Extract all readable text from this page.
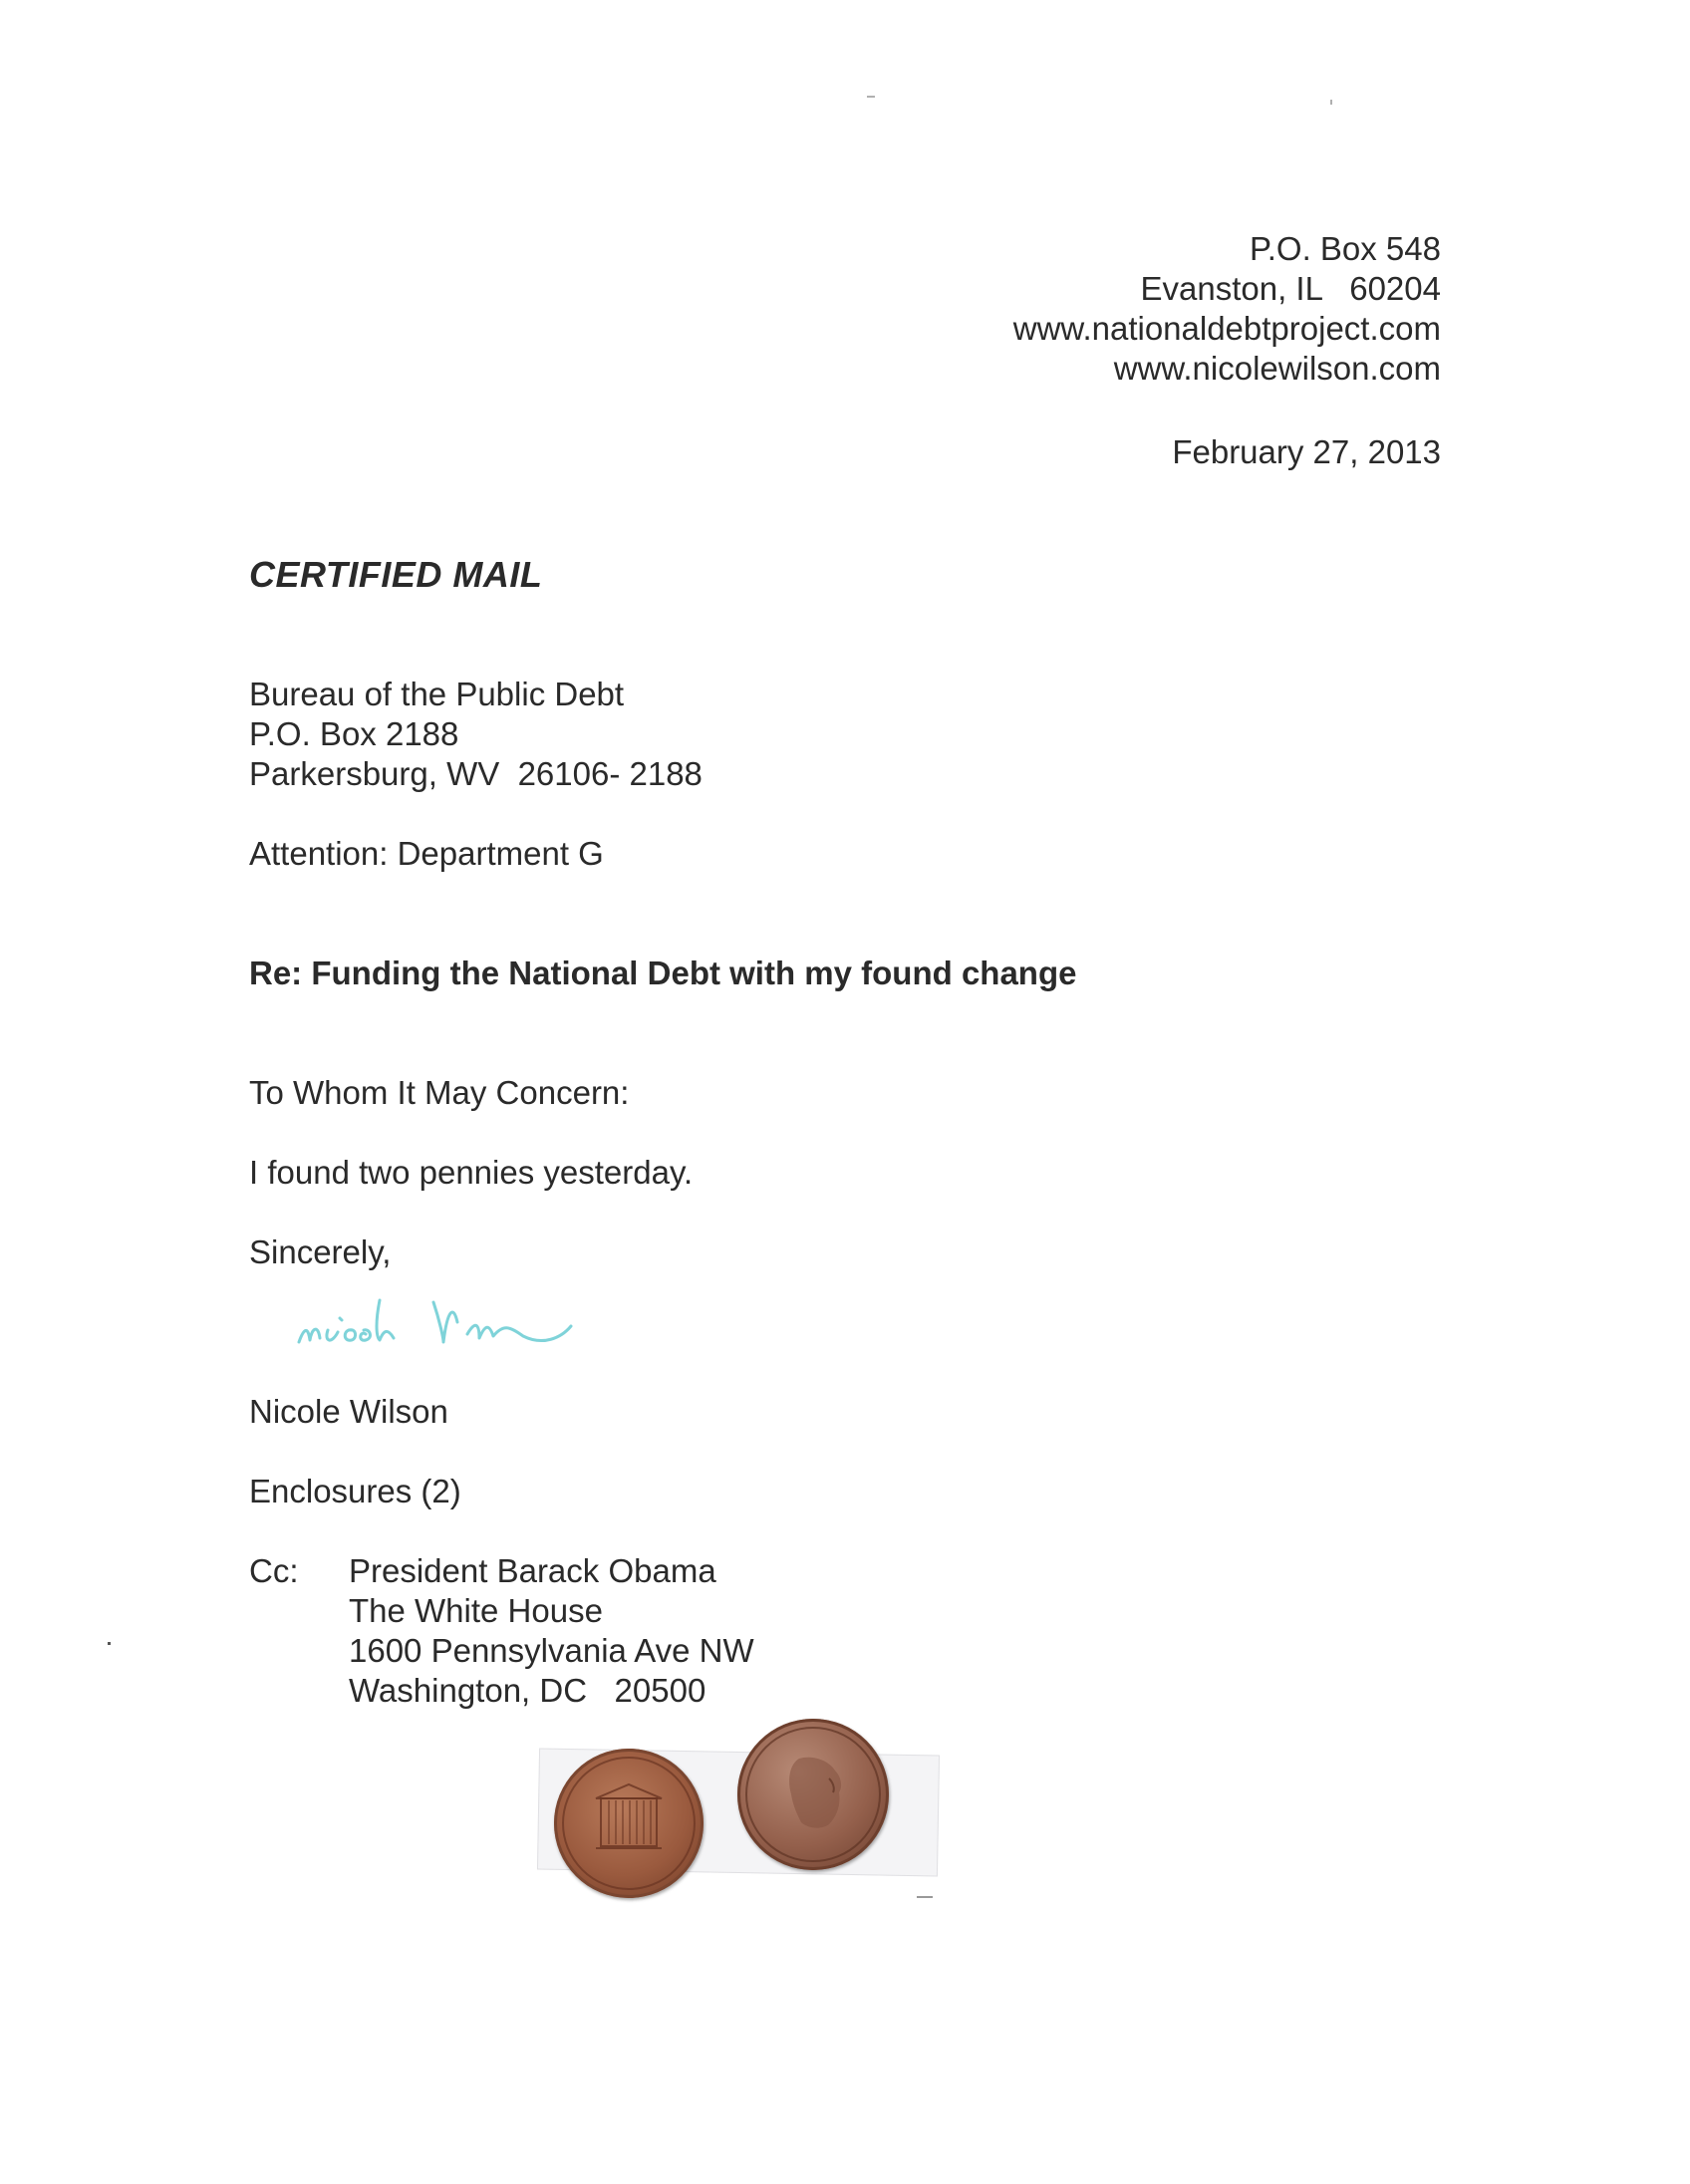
P.O. Box 548
Evanston, IL   60204
www.nationaldebtproject.com
www.nicolewilson.com
February 27, 2013
CERTIFIED MAIL
Bureau of the Public Debt
P.O. Box 2188
Parkersburg, WV  26106- 2188
Attention: Department G
Re: Funding the National Debt with my found change
To Whom It May Concern:
I found two pennies yesterday.
Sincerely,
Nicole Wilson
Enclosures (2)
Cc:	President Barack Obama
The White House
1600 Pennsylvania Ave NW
Washington, DC   20500
